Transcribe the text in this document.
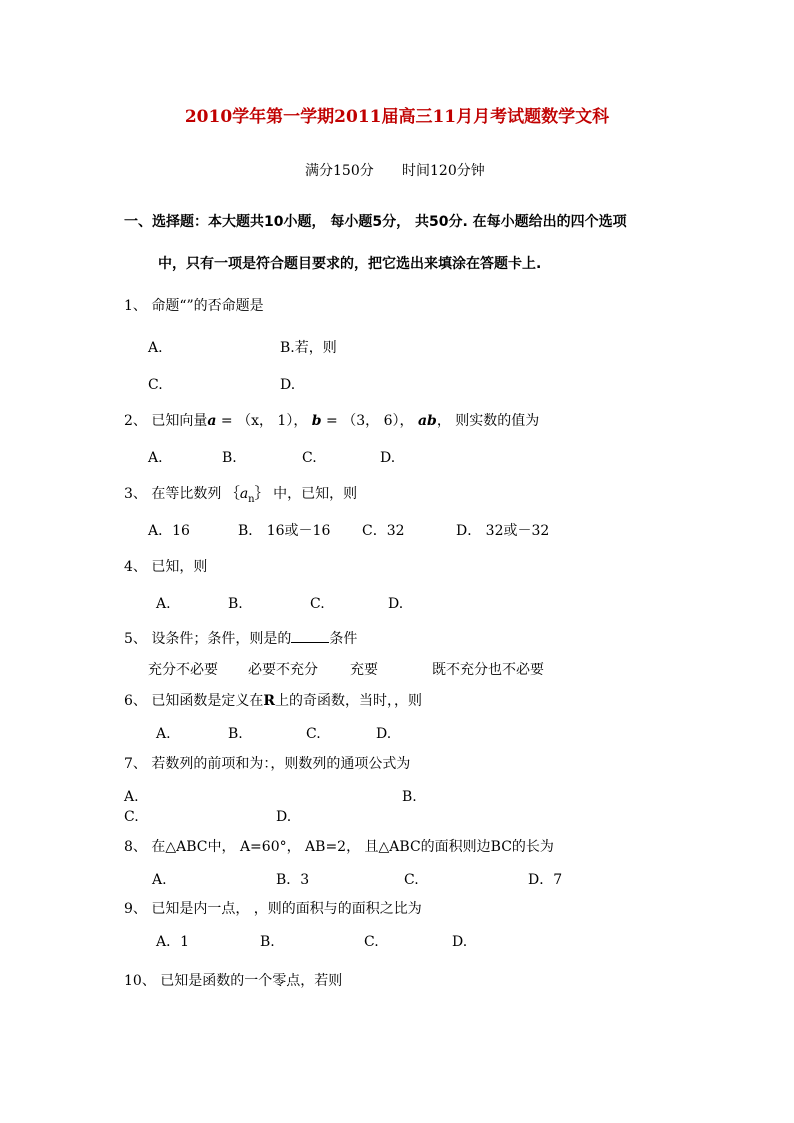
2010学年第一学期2011届高三11月月考试题数学文科
满分150分 时间120分钟
一、选择题：本大题共10小题， 每小题5分， 共50分. 在每小题给出的四个选项
中，只有一项是符合题目要求的，把它选出来填涂在答题卡上.
1、 命题“”的否命题是
A.	B.若，则
C.	D.
2、 已知向量a = （x， 1）， b = （3， 6）， ab， 则实数的值为
A.	B.	C.	D.
3、 在等比数列 $\{a_n\}$ 中，已知，则
A．16	B． 16或－16 C．32	D． 32或－32
4、 已知，则
A.	B.	C.	D.
5、 设条件；条件，则是的	条件
充分不必要 必要不充分 充要	既不充分也不必要
6、 已知函数是定义在R上的奇函数，当时，，则
A.	B.	C.	D.
7、 若数列的前项和为：，则数列的通项公式为
A.	B.
C.	D.
8、 在△ABC中， A=60°， AB=2， 且△ABC的面积则边BC的长为
A.	B．3	C.	D．7
9、 已知是内一点， ，则的面积与的面积之比为
A．1	B.	C.	D.
10、 已知是函数的一个零点，若则
